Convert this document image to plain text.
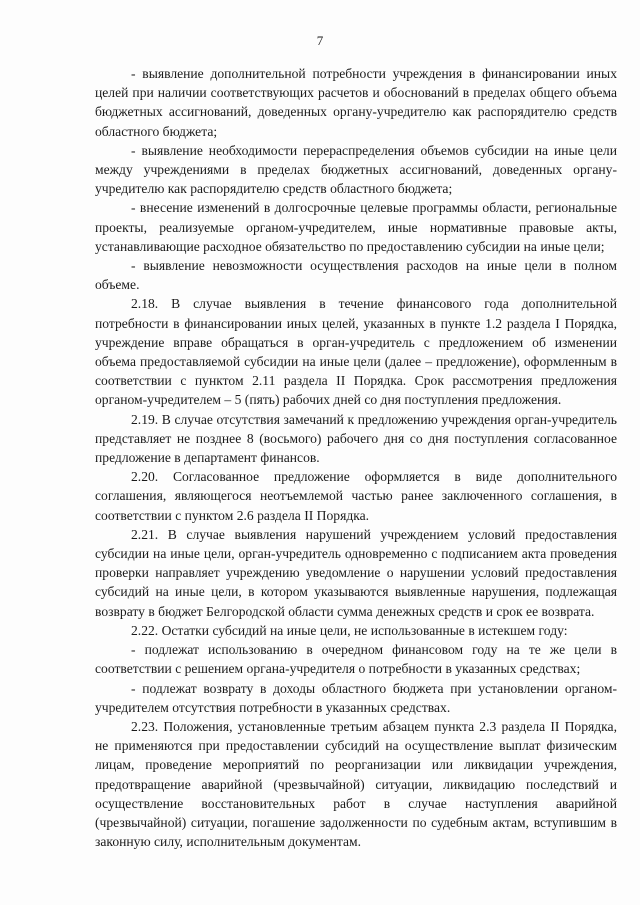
7

- выявление дополнительной потребности учреждения в финансировании иных целей при наличии соответствующих расчетов и обоснований в пределах общего объема бюджетных ассигнований, доведенных органу-учредителю как распорядителю средств областного бюджета;

- выявление необходимости перераспределения объемов субсидии на иные цели между учреждениями в пределах бюджетных ассигнований, доведенных органу-учредителю как распорядителю средств областного бюджета;

- внесение изменений в долгосрочные целевые программы области, региональные проекты, реализуемые органом-учредителем, иные нормативные правовые акты, устанавливающие расходное обязательство по предоставлению субсидии на иные цели;

- выявление невозможности осуществления расходов на иные цели в полном объеме.

2.18. В случае выявления в течение финансового года дополнительной потребности в финансировании иных целей, указанных в пункте 1.2 раздела I Порядка, учреждение вправе обращаться в орган-учредитель с предложением об изменении объема предоставляемой субсидии на иные цели (далее – предложение), оформленным в соответствии с пунктом 2.11 раздела II Порядка. Срок рассмотрения предложения органом-учредителем – 5 (пять) рабочих дней со дня поступления предложения.

2.19. В случае отсутствия замечаний к предложению учреждения орган-учредитель представляет не позднее 8 (восьмого) рабочего дня со дня поступления согласованное предложение в департамент финансов.

2.20. Согласованное предложение оформляется в виде дополнительного соглашения, являющегося неотъемлемой частью ранее заключенного соглашения, в соответствии с пунктом 2.6 раздела II Порядка.

2.21. В случае выявления нарушений учреждением условий предоставления субсидии на иные цели, орган-учредитель одновременно с подписанием акта проведения проверки направляет учреждению уведомление о нарушении условий предоставления субсидий на иные цели, в котором указываются выявленные нарушения, подлежащая возврату в бюджет Белгородской области сумма денежных средств и срок ее возврата.

2.22. Остатки субсидий на иные цели, не использованные в истекшем году:

- подлежат использованию в очередном финансовом году на те же цели в соответствии с решением органа-учредителя о потребности в указанных средствах;

- подлежат возврату в доходы областного бюджета при установлении органом-учредителем отсутствия потребности в указанных средствах.

2.23. Положения, установленные третьим абзацем пункта 2.3 раздела II Порядка, не применяются при предоставлении субсидий на осуществление выплат физическим лицам, проведение мероприятий по реорганизации или ликвидации учреждения, предотвращение аварийной (чрезвычайной) ситуации, ликвидацию последствий и осуществление восстановительных работ в случае наступления аварийной (чрезвычайной) ситуации, погашение задолженности по судебным актам, вступившим в законную силу, исполнительным документам.
